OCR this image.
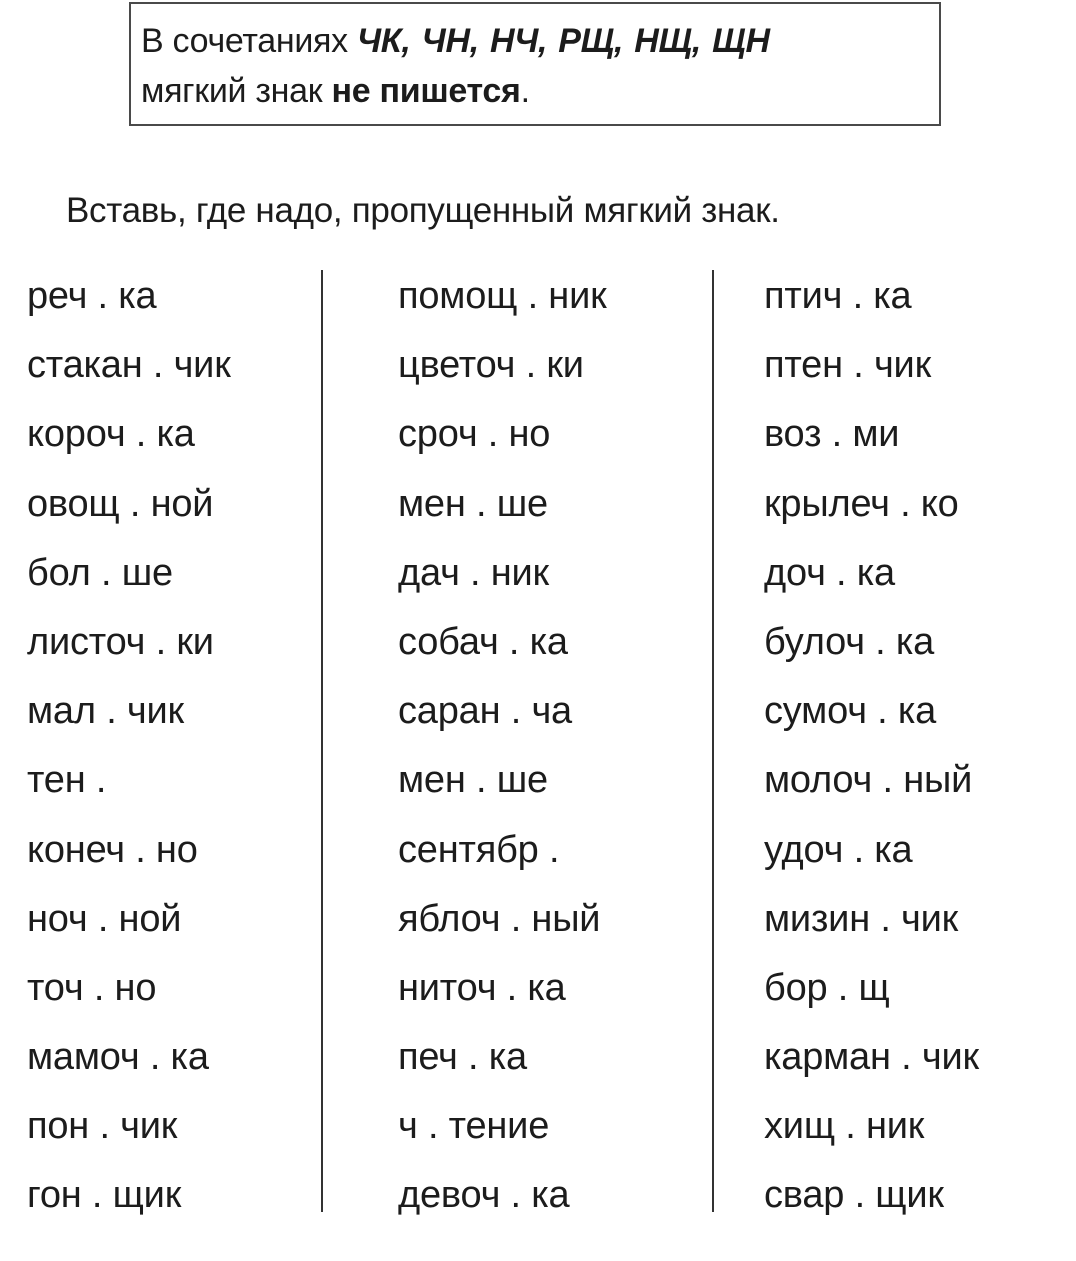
В сочетаниях ЧК, ЧН, НЧ, РЩ, НЩ, ЩН
мягкий знак не пишется.
Вставь, где надо, пропущенный мягкий знак.
реч . ка
стакан . чик
короч . ка
овощ . ной
бол . ше
листоч . ки
мал . чик
тен .
конеч . но
ноч . ной
точ . но
мамоч . ка
пон . чик
гон . щик
помощ . ник
цветоч . ки
сроч . но
мен . ше
дач . ник
собач . ка
саран . ча
мен . ше
сентябр .
яблоч . ный
ниточ . ка
печ . ка
ч . тение
девоч . ка
птич . ка
птен . чик
воз . ми
крылеч . ко
доч . ка
булоч . ка
сумоч . ка
молоч . ный
удоч . ка
мизин . чик
бор . щ
карман . чик
хищ . ник
свар . щик
